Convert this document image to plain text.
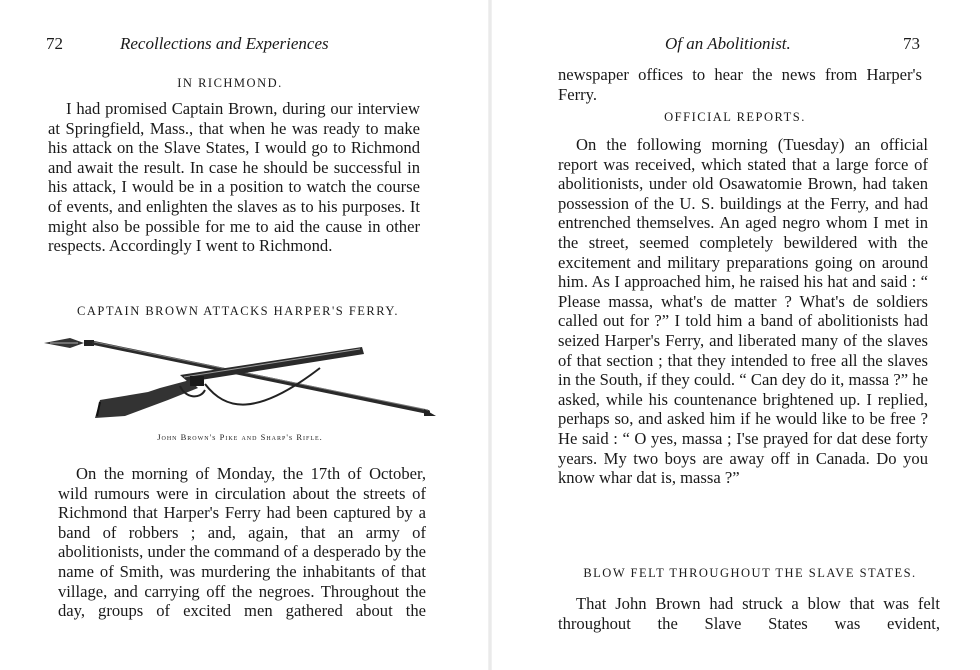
72	Recollections and Experiences
IN RICHMOND.

I had promised Captain Brown, during our interview at Springfield, Mass., that when he was ready to make his attack on the Slave States, I would go to Richmond and await the result. In case he should be successful in his attack, I would be in a position to watch the course of events, and enlighten the slaves as to his purposes. It might also be possible for me to aid the cause in other respects. Accordingly I went to Richmond.

CAPTAIN BROWN ATTACKS HARPER'S FERRY.
John Brown's Pike and Sharp's Rifle.

On the morning of Monday, the 17th of October, wild rumours were in circulation about the streets of Richmond that Harper's Ferry had been captured by a band of robbers ; and, again, that an army of abolitionists, under the command of a desperado by the name of Smith, was murdering the inhabitants of that village, and carrying off the negroes. Throughout the day, groups of excited men gathered about the

Of an Abolitionist.	73

newspaper offices to hear the news from Harper's Ferry.

OFFICIAL REPORTS.

On the following morning (Tuesday) an official report was received, which stated that a large force of abolitionists, under old Osawatomie Brown, had taken possession of the U. S. buildings at the Ferry, and had entrenched themselves. An aged negro whom I met in the street, seemed completely bewildered with the excitement and military preparations going on around him. As I approached him, he raised his hat and said : “ Please massa, what's de matter ? What's de soldiers called out for ?” I told him a band of abolitionists had seized Harper's Ferry, and liberated many of the slaves of that section ; that they intended to free all the slaves in the South, if they could. “ Can dey do it, massa ?” he asked, while his countenance brightened up. I replied, perhaps so, and asked him if he would like to be free ? He said : “ O yes, massa ; I'se prayed for dat dese forty years. My two boys are away off in Canada. Do you know whar dat is, massa ?”

BLOW FELT THROUGHOUT THE SLAVE STATES.

That John Brown had struck a blow that was felt throughout the Slave States was evident,
